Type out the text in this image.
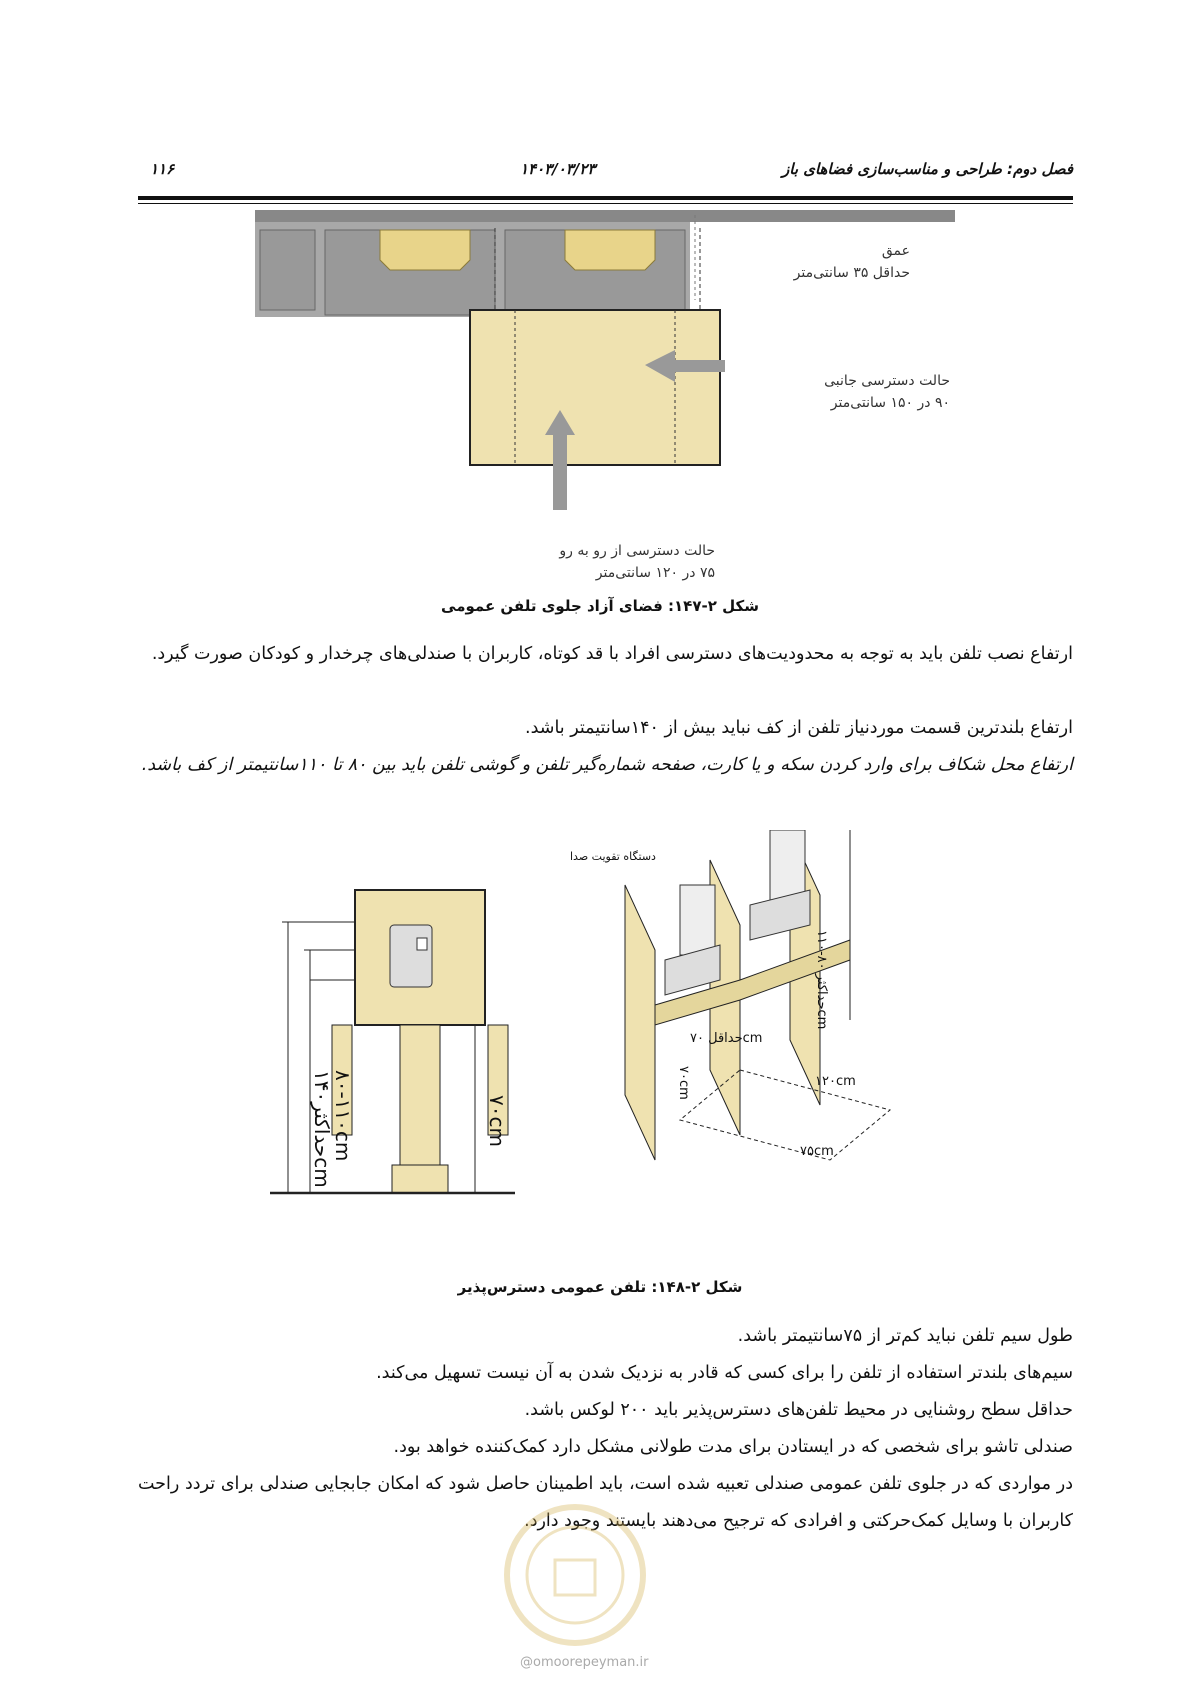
فصل دوم: طراحی و مناسب‌سازی فضاهای باز
۱۴۰۳/۰۳/۲۳
۱۱۶
عمق
حداقل ۳۵ سانتی‌متر
حالت دسترسی جانبی
۹۰ در ۱۵۰ سانتی‌متر
حالت دسترسی از رو به رو
۷۵ در ۱۲۰ سانتی‌متر
شکل ۲-۱۴۷: فضای آزاد جلوی تلفن عمومی
ارتفاع نصب تلفن باید به توجه به محدودیت‌های دسترسی افراد با قد کوتاه، کاربران با صندلی‌های چرخدار و کودکان صورت گیرد.
ارتفاع بلندترین قسمت موردنیاز تلفن از کف نباید بیش از ۱۴۰سانتیمتر باشد.
ارتفاع محل شکاف برای وارد کردن سکه و یا کارت، صفحه شماره‌گیر تلفن و گوشی تلفن باید بین ۸۰ تا ۱۱۰سانتیمتر از کف باشد.
حداکثر۱۴۰cm
۸۰-۱۱۰cm	۷۰cm
دستگاه تقویت صدا
حداکثر ۸۰-۱۱۰cm
حداقل ۷۰cm
۷۰cm	۱۲۰cm
۷۵cm
شکل ۲-۱۴۸: تلفن عمومی دسترس‌پذیر
طول سیم تلفن نباید کم‌تر از ۷۵سانتیمتر باشد.
سیم‌های بلندتر استفاده از تلفن را برای کسی که قادر به نزدیک شدن به آن نیست تسهیل می‌کند.
حداقل سطح روشنایی در محیط تلفن‌های دسترس‌پذیر باید ۲۰۰ لوکس باشد.
صندلی تاشو برای شخصی که در ایستادن برای مدت طولانی مشکل دارد کمک‌کننده خواهد بود.
در مواردی که در جلوی تلفن عمومی صندلی تعبیه شده است، باید اطمینان حاصل شود که امکان جابجایی صندلی برای تردد راحت کاربران با وسایل کمک‌حرکتی و افرادی که ترجیح می‌دهند بایستند وجود دارد.
@omoorepeyman.ir
